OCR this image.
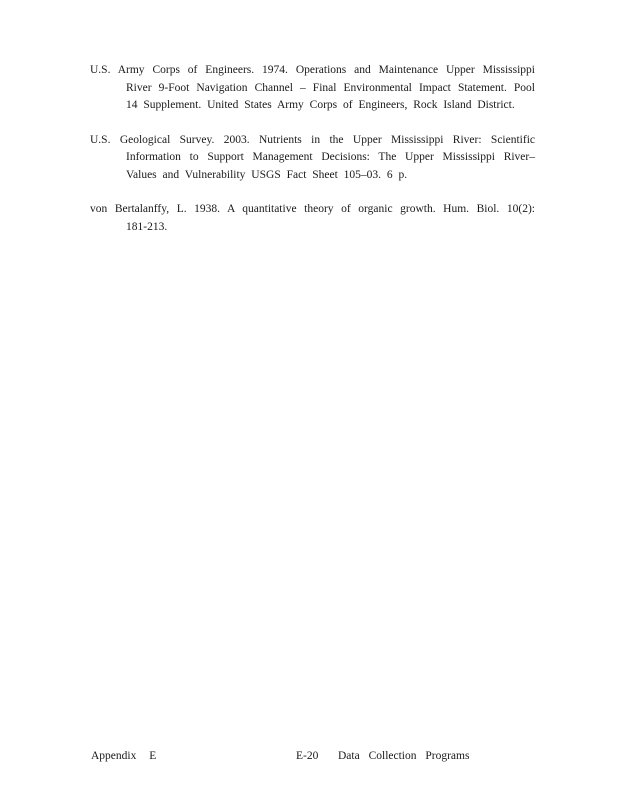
U.S. Army Corps of Engineers. 1974. Operations and Maintenance Upper Mississippi River 9-Foot Navigation Channel – Final Environmental Impact Statement. Pool 14 Supplement. United States Army Corps of Engineers, Rock Island District.

U.S. Geological Survey. 2003. Nutrients in the Upper Mississippi River: Scientific Information to Support Management Decisions: The Upper Mississippi River–Values and Vulnerability USGS Fact Sheet 105–03. 6 p.

von Bertalanffy, L. 1938. A quantitative theory of organic growth. Hum. Biol. 10(2): 181-213.

Appendix E	E-20 Data Collection Programs
